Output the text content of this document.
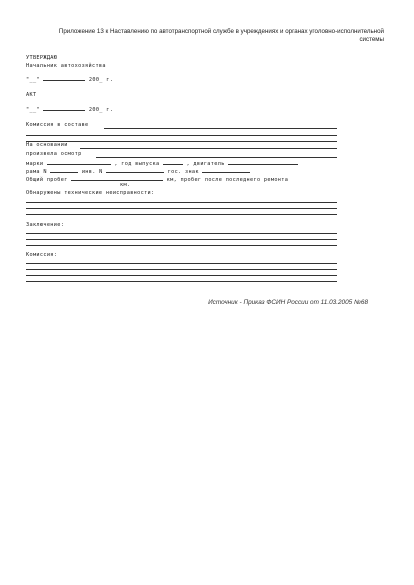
Приложение 13 к Наставлению по автотранспортной службе в учреждениях и органах уголовно-исполнительной
системы
УТВЕРЖДАЮ
Начальник автохозяйства
"__"	200_ г.
АКТ
"__"	200_ г.
Комиссия в составе
На основании
произвела осмотр
марки	, год выпуска	, двигатель
рама N	инв. N	гос. знак
Общий пробег	км, пробег после последнего ремонта
км.
Обнаружены технические неисправности:
Заключение:
Комиссия:
Источник - Приказ ФСИН России от 11.03.2005 №68
